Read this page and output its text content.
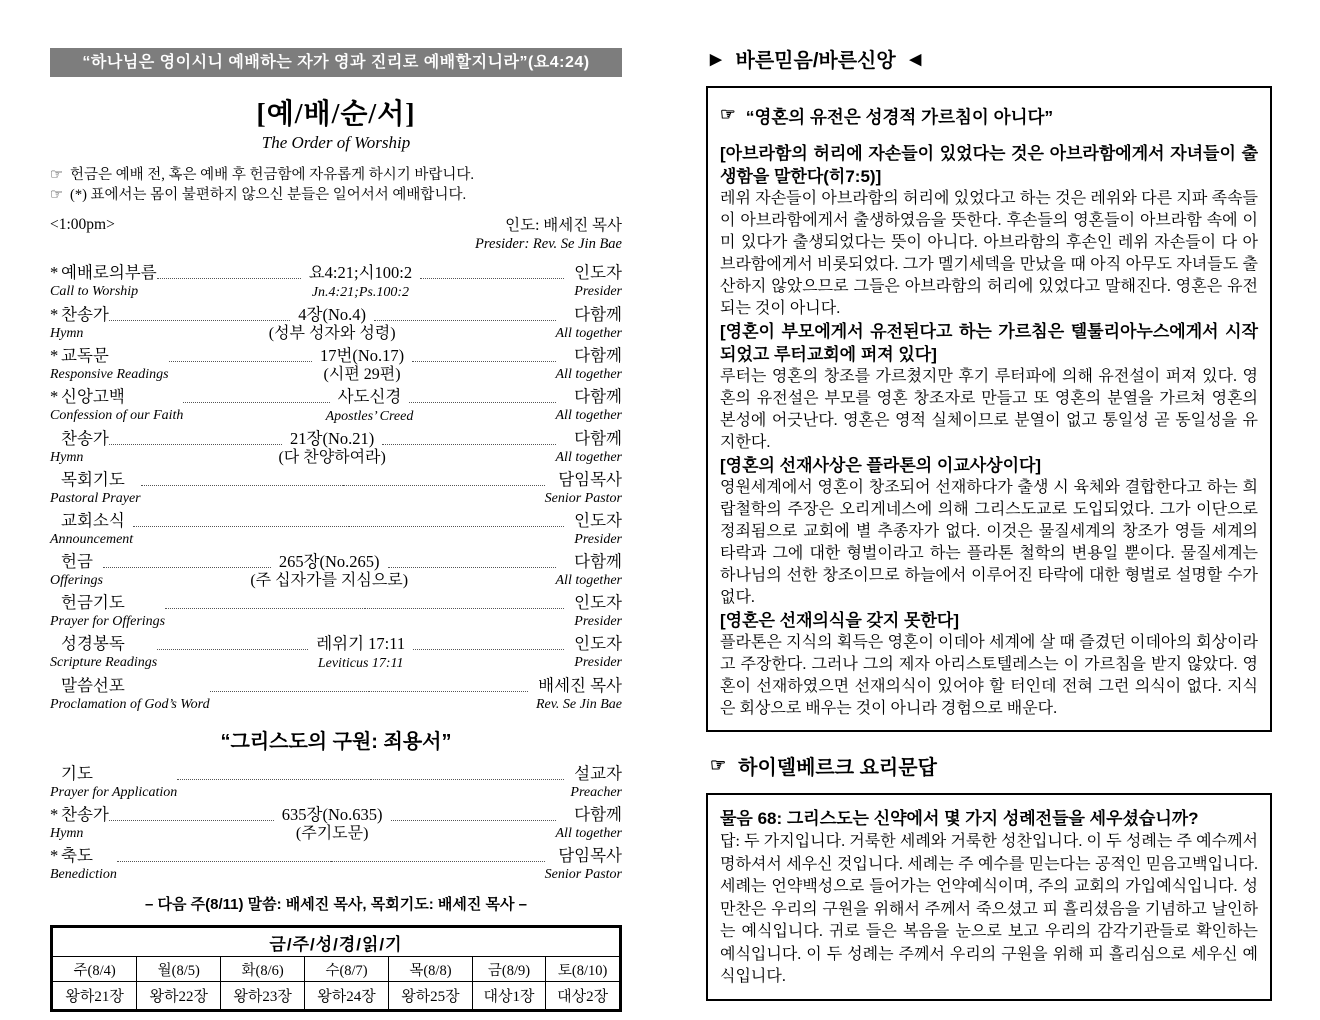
“하나님은 영이시니 예배하는 자가 영과 진리로 예배할지니라”(요4:24)
[예/배/순/서]
The Order of Worship
☞ 헌금은 예배 전, 혹은 예배 후 헌금함에 자유롭게 하시기 바랍니다.
☞ (*) 표에서는 몸이 불편하지 않으신 분들은 일어서서 예배합니다.
<1:00pm>	인도: 배세진 목사
Presider: Rev. Se Jin Bae
* 예배로의부름	요4:21;시100:2	인도자
Call to Worship	Jn.4:21;Ps.100:2	Presider
* 찬송가	4장(No.4)	다함께
Hymn	(성부 성자와 성령)	All together
* 교독문	17번(No.17)	다함께
Responsive Readings	(시편 29편)	All together
* 신앙고백	사도신경	다함께
Confession of our Faith	Apostles’ Creed	All together
찬송가	21장(No.21)	다함께
Hymn	(다 찬양하여라)	All together
목회기도	담임목사
Pastoral Prayer	Senior Pastor
교회소식	인도자
Announcement	Presider
헌금	265장(No.265)	다함께
Offerings	(주 십자가를 지심으로)	All together
헌금기도	인도자
Prayer for Offerings	Presider
성경봉독	레위기 17:11	인도자
Scripture Readings	Leviticus 17:11	Presider
말씀선포	배세진 목사
Proclamation of God’s Word	Rev. Se Jin Bae
“그리스도의 구원: 죄용서”
기도	설교자
Prayer for Application	Preacher
* 찬송가	635장(No.635)	다함께
Hymn	(주기도문)	All together
* 축도	담임목사
Benediction	Senior Pastor
– 다음 주(8/11) 말씀: 배세진 목사, 목회기도: 배세진 목사 –
금/주/성/경/읽/기						
주(8/4)	월(8/5)	화(8/6)	수(8/7)	목(8/8)	금(8/9)	토(8/10)
왕하21장	왕하22장	왕하23장	왕하24장	왕하25장	대상1장	대상2장
▶ 바른믿음/바른신앙 ◀
☞ “영혼의 유전은 성경적 가르침이 아니다”
[아브라함의 허리에 자손들이 있었다는 것은 아브라함에게서 자녀들이 출생함을 말한다(히7:5)]
레위 자손들이 아브라함의 허리에 있었다고 하는 것은 레위와 다른 지파 족속들이 아브라함에게서 출생하였음을 뜻한다. 후손들의 영혼들이 아브라함 속에 이미 있다가 출생되었다는 뜻이 아니다. 아브라함의 후손인 레위 자손들이 다 아브라함에게서 비롯되었다. 그가 멜기세덱을 만났을 때 아직 아무도 자녀들도 출산하지 않았으므로 그들은 아브라함의 허리에 있었다고 말해진다. 영혼은 유전되는 것이 아니다.
[영혼이 부모에게서 유전된다고 하는 가르침은 텔툴리아누스에게서 시작되었고 루터교회에 퍼져 있다]
루터는 영혼의 창조를 가르쳤지만 후기 루터파에 의해 유전설이 퍼져 있다. 영혼의 유전설은 부모를 영혼 창조자로 만들고 또 영혼의 분열을 가르쳐 영혼의 본성에 어긋난다. 영혼은 영적 실체이므로 분열이 없고 통일성 곧 동일성을 유지한다.
[영혼의 선재사상은 플라톤의 이교사상이다]
영원세계에서 영혼이 창조되어 선재하다가 출생 시 육체와 결합한다고 하는 희랍철학의 주장은 오리게네스에 의해 그리스도교로 도입되었다. 그가 이단으로 정죄됨으로 교회에 별 추종자가 없다. 이것은 물질세계의 창조가 영들 세계의 타락과 그에 대한 형벌이라고 하는 플라톤 철학의 변용일 뿐이다. 물질세계는 하나님의 선한 창조이므로 하늘에서 이루어진 타락에 대한 형벌로 설명할 수가 없다.
[영혼은 선재의식을 갖지 못한다]
플라톤은 지식의 획득은 영혼이 이데아 세계에 살 때 즐겼던 이데아의 회상이라고 주장한다. 그러나 그의 제자 아리스토텔레스는 이 가르침을 받지 않았다. 영혼이 선재하였으면 선재의식이 있어야 할 터인데 전혀 그런 의식이 없다. 지식은 회상으로 배우는 것이 아니라 경험으로 배운다.
☞ 하이델베르크 요리문답
물음 68: 그리스도는 신약에서 몇 가지 성례전들을 세우셨습니까?
답: 두 가지입니다. 거룩한 세례와 거룩한 성찬입니다. 이 두 성례는 주 예수께서 명하셔서 세우신 것입니다. 세례는 주 예수를 믿는다는 공적인 믿음고백입니다. 세례는 언약백성으로 들어가는 언약예식이며, 주의 교회의 가입예식입니다. 성만찬은 우리의 구원을 위해서 주께서 죽으셨고 피 흘리셨음을 기념하고 날인하는 예식입니다. 귀로 들은 복음을 눈으로 보고 우리의 감각기관들로 확인하는 예식입니다. 이 두 성례는 주께서 우리의 구원을 위해 피 흘리심으로 세우신 예식입니다.
